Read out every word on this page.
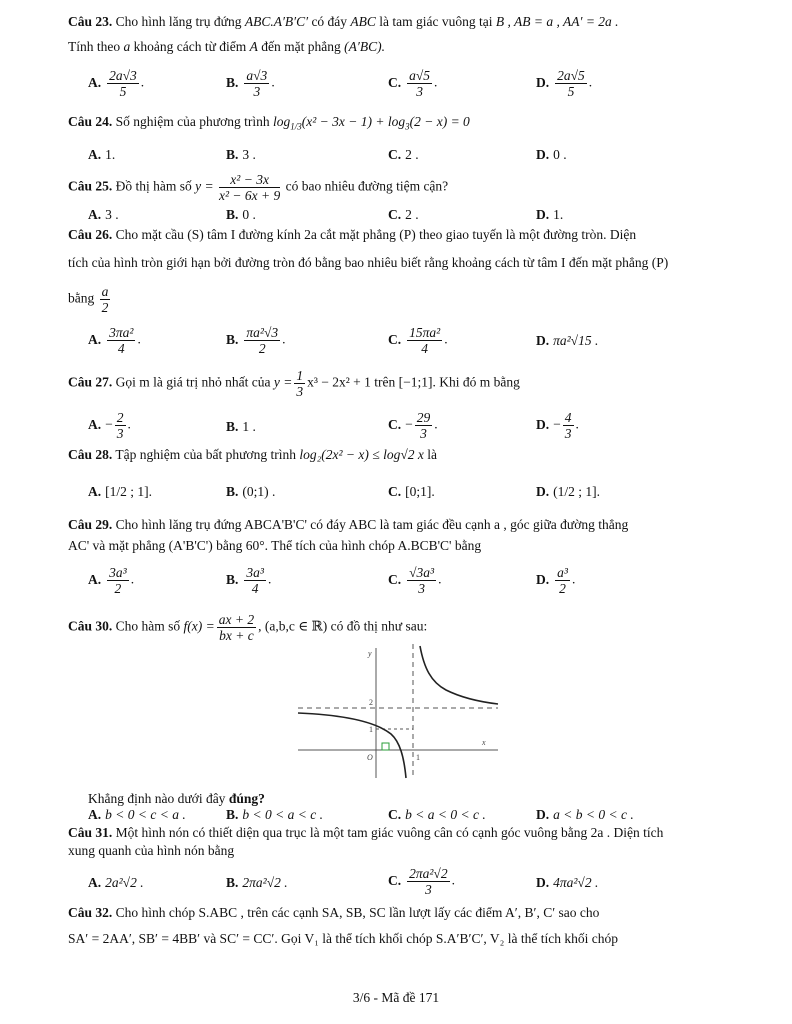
Câu 23. Cho hình lăng trụ đứng ABC.A′B′C′ có đáy ABC là tam giác vuông tại B , AB = a , AA′ = 2a .
Tính theo a khoảng cách từ điểm A đến mặt phẳng (A′BC).
A. $\frac{2a√3}{5}$ .	B. $\frac{a√3}{3}$ .	C. $\frac{a√5}{3}$ .	D. $\frac{2a√5}{5}$ .
Câu 24. Số nghiệm của phương trình $\log_{1/3}(x^2 - 3x - 1) + \log_3(2 - x) = 0$
A. 1.	B. 3 .	C. 2 .	D. 0 .
Câu 25. Đồ thị hàm số $y = \frac{\text{x² − 3x}}{\text{x² − 6x + 9}}$ có bao nhiêu đường tiệm cận?
A. 3 .	B. 0 .	C. 2 .	D. 1.
Câu 26. Cho mặt cầu (S) tâm I đường kính 2a cắt mặt phẳng (P) theo giao tuyến là một đường tròn. Diện
tích của hình tròn giới hạn bởi đường tròn đó bằng bao nhiêu biết rằng khoảng cách từ tâm I đến mặt phẳng (P)
bằng $\frac{a}{2}$
A. $\frac{\text{3πa²}}{4}$ .	B. $\frac{\text{πa²√3}}{2}$ .	C. $\frac{\text{15πa²}}{4}$ .	D. πa²√15 .
Câu 27. Gọi m là giá trị nhỏ nhất của $y = \frac{1}{3} x^3 - 2x^2 + 1$ trên [−1;1]. Khi đó m bằng
A. − $\frac{2}{3}$ .	B. 1 .	C. − $\frac{29}{3}$ .	D. − $\frac{4}{3}$ .
Câu 28. Tập nghiệm của bất phương trình log₂(2x² − x) ≤ log√2 x là
A. [1/2 ; 1].	B. (0;1) .	C. [0;1].	D. (1/2 ; 1].
Câu 29. Cho hình lăng trụ đứng ABCA'B'C' có đáy ABC là tam giác đều cạnh a , góc giữa đường thẳng
AC' và mặt phẳng (A'B'C') bằng 60°. Thể tích của hình chóp A.BCB'C' bằng
A. $\frac{\text{3a³}}{2}$ .	B. $\frac{\text{3a³}}{4}$ .	C. $\frac{\text{√3a³}}{3}$ .	D. $\frac{\text{a³}}{2}$ .
Câu 30. Cho hàm số $f(x) = \frac{ax + 2}{bx + c}$ , (a,b,c ∈ ℝ) có đồ thị như sau:
y
x
O	1
2
1
Khẳng định nào dưới đây đúng?
A. b < 0 < c < a .	B. b < 0 < a < c .	C. b < a < 0 < c .	D. a < b < 0 < c .
Câu 31. Một hình nón có thiết diện qua trục là một tam giác vuông cân có cạnh góc vuông bằng 2a . Diện tích
xung quanh của hình nón bằng
A. 2a²√2 .	B. 2πa²√2 .	C. $\frac{\text{2πa²√2}}{3}$ .	D. 4πa²√2 .
Câu 32. Cho hình chóp S.ABC , trên các cạnh SA, SB, SC lần lượt lấy các điểm A′, B′, C′ sao cho
SA′ = 2AA′, SB′ = 4BB′ và SC′ = CC′. Gọi V₁ là thể tích khối chóp S.A′B′C′, V₂ là thể tích khối chóp
3/6 - Mã đề 171
